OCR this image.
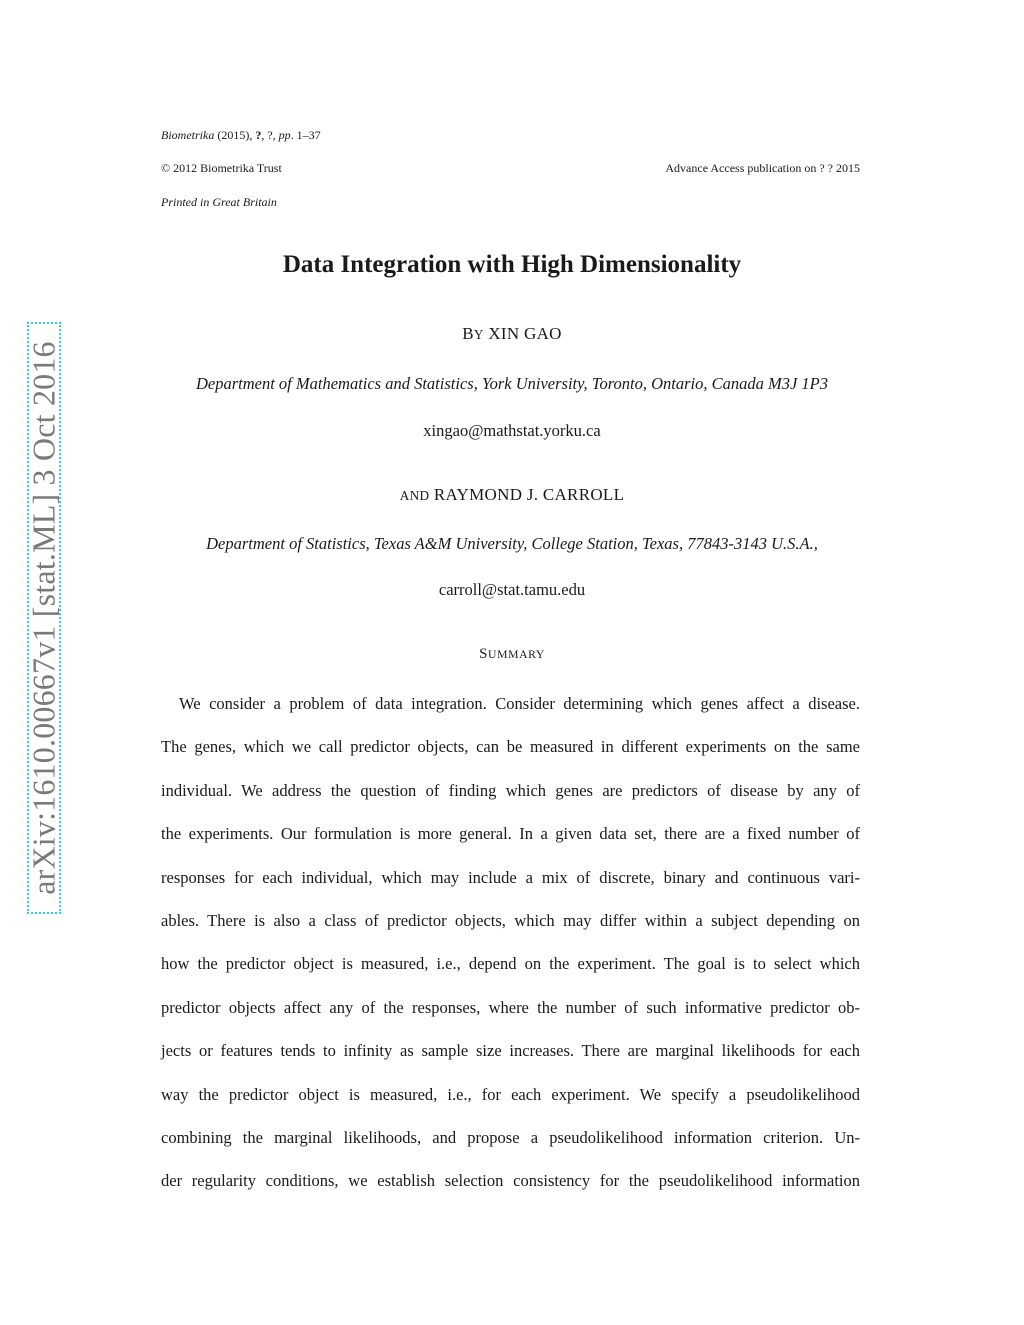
arXiv:1610.00667v1 [stat.ML] 3 Oct 2016
Biometrika (2015), ?, ?, pp. 1–37
© 2012 Biometrika Trust	Advance Access publication on ? ? 2015
Printed in Great Britain
Data Integration with High Dimensionality
BY XIN GAO
Department of Mathematics and Statistics, York University, Toronto, Ontario, Canada M3J 1P3
xingao@mathstat.yorku.ca
AND RAYMOND J. CARROLL
Department of Statistics, Texas A&M University, College Station, Texas, 77843-3143 U.S.A.,
carroll@stat.tamu.edu
SUMMARY
We consider a problem of data integration. Consider determining which genes affect a disease.
The genes, which we call predictor objects, can be measured in different experiments on the same
individual. We address the question of finding which genes are predictors of disease by any of
the experiments. Our formulation is more general. In a given data set, there are a fixed number of
responses for each individual, which may include a mix of discrete, binary and continuous vari-
ables. There is also a class of predictor objects, which may differ within a subject depending on
how the predictor object is measured, i.e., depend on the experiment. The goal is to select which
predictor objects affect any of the responses, where the number of such informative predictor ob-
jects or features tends to infinity as sample size increases. There are marginal likelihoods for each
way the predictor object is measured, i.e., for each experiment. We specify a pseudolikelihood
combining the marginal likelihoods, and propose a pseudolikelihood information criterion. Un-
der regularity conditions, we establish selection consistency for the pseudolikelihood information
